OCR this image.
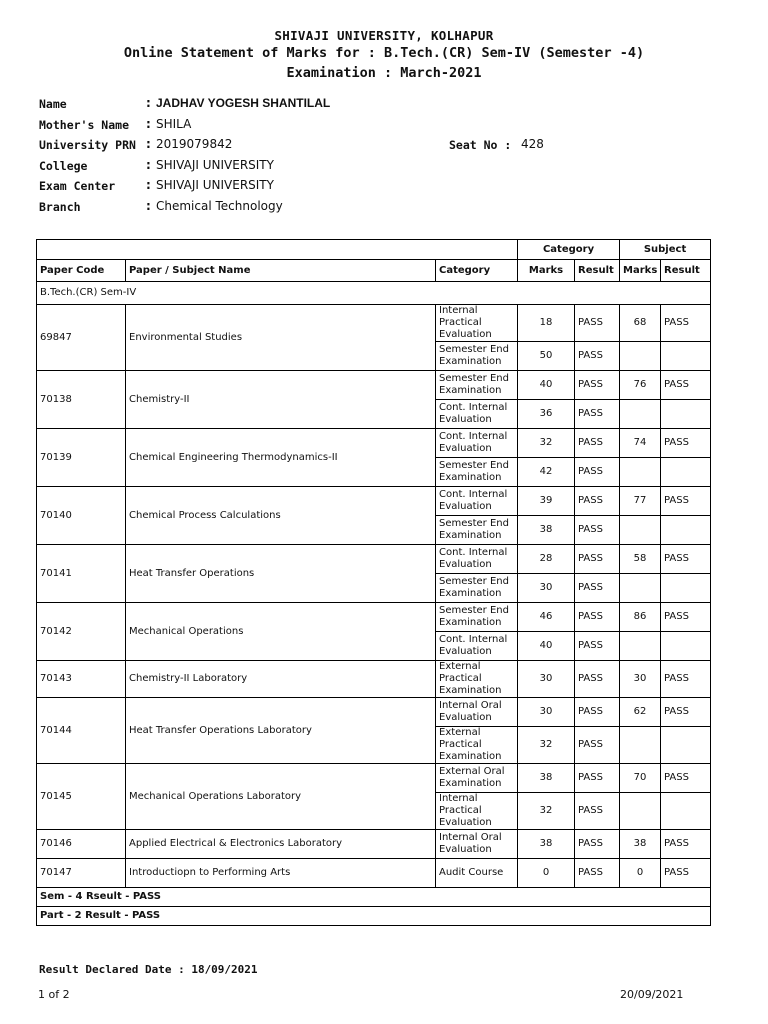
SHIVAJI UNIVERSITY, KOLHAPUR
Online Statement of Marks for : B.Tech.(CR) Sem-IV (Semester -4)
Examination : March-2021
Name	: JADHAV YOGESH SHANTILAL
Mother's Name : SHILA
University PRN : 2019079842	Seat No : 428
College	: SHIVAJI UNIVERSITY
Exam Center	: SHIVAJI UNIVERSITY
Branch	: Chemical Technology
			Category		Subject	
Paper Code	Paper / Subject Name	Category	Marks	Result	Marks	Result
B.Tech.(CR) Sem-IV						
69847	Environmental Studies	Internal Practical Evaluation	18	PASS	68	PASS
		Semester End Examination	50	PASS		
70138	Chemistry-II	Semester End Examination	40	PASS	76	PASS
		Cont. Internal Evaluation	36	PASS		
70139	Chemical Engineering Thermodynamics-II	Cont. Internal Evaluation	32	PASS	74	PASS
		Semester End Examination	42	PASS		
70140	Chemical Process Calculations	Cont. Internal Evaluation	39	PASS	77	PASS
		Semester End Examination	38	PASS		
70141	Heat Transfer Operations	Cont. Internal Evaluation	28	PASS	58	PASS
		Semester End Examination	30	PASS		
70142	Mechanical Operations	Semester End Examination	46	PASS	86	PASS
		Cont. Internal Evaluation	40	PASS		
70143	Chemistry-II Laboratory	External Practical Examination	30	PASS	30	PASS
70144	Heat Transfer Operations Laboratory	Internal Oral Evaluation	30	PASS	62	PASS
		External Practical Examination	32	PASS		
70145	Mechanical Operations Laboratory	External Oral Examination	38	PASS	70	PASS
		Internal Practical Evaluation	32	PASS		
70146	Applied Electrical & Electronics Laboratory	Internal Oral Evaluation	38	PASS	38	PASS
70147	Introductiopn to Performing Arts	Audit Course	0	PASS	0	PASS
Sem - 4 Rseult - PASS						
Part - 2 Result - PASS						
Result Declared Date : 18/09/2021
1 of 2	20/09/2021
